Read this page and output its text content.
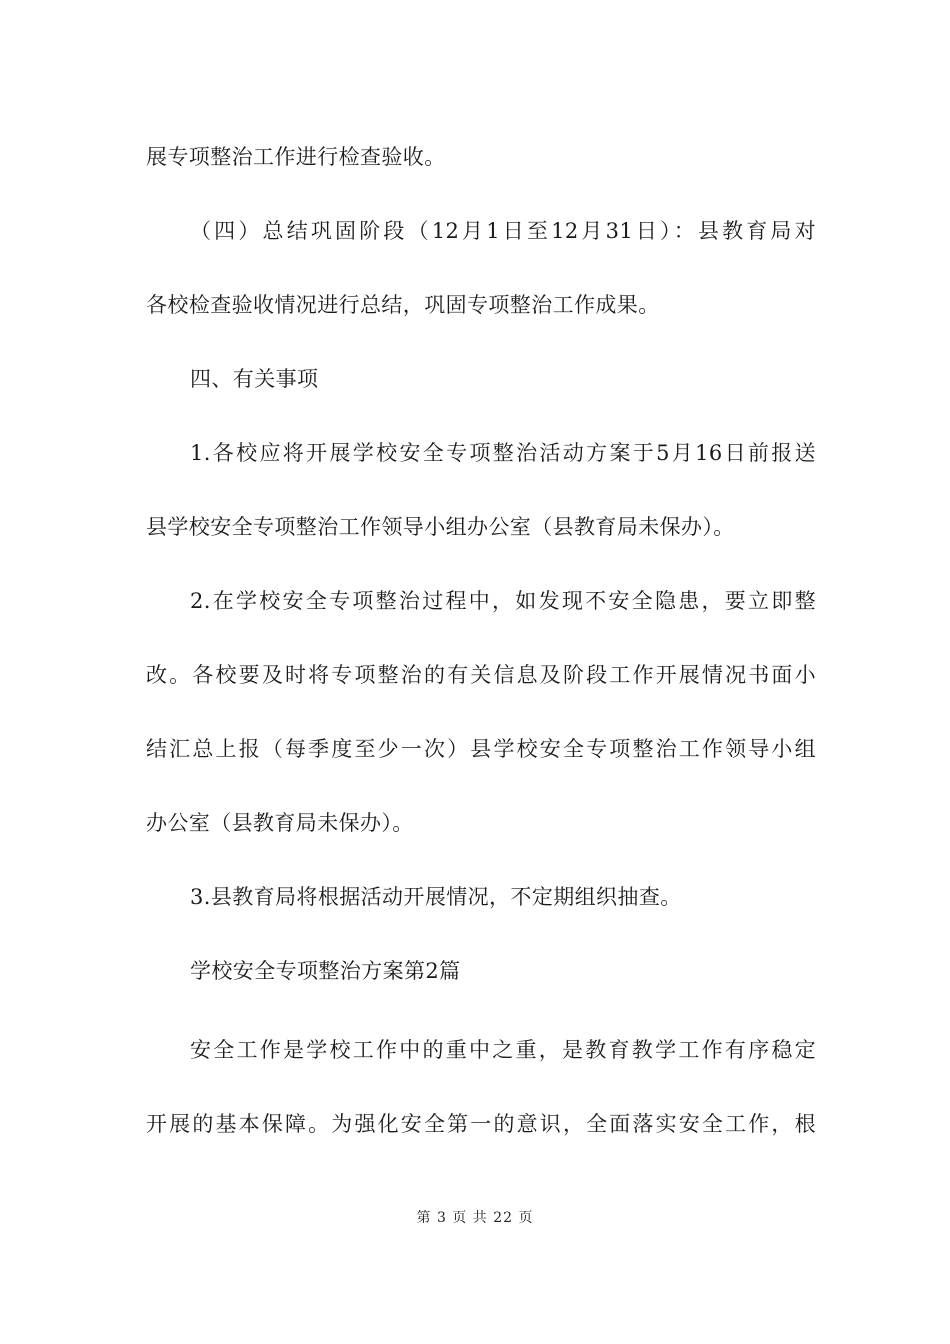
展专项整治工作进行检查验收。
（四）总结巩固阶段（12月1日至12月31日）：县教育局对
各校检查验收情况进行总结，巩固专项整治工作成果。
四、有关事项
1.各校应将开展学校安全专项整治活动方案于5月16日前报送
县学校安全专项整治工作领导小组办公室（县教育局未保办）。
2.在学校安全专项整治过程中，如发现不安全隐患，要立即整
改。各校要及时将专项整治的有关信息及阶段工作开展情况书面小
结汇总上报（每季度至少一次）县学校安全专项整治工作领导小组
办公室（县教育局未保办）。
3.县教育局将根据活动开展情况，不定期组织抽查。
学校安全专项整治方案第2篇
安全工作是学校工作中的重中之重，是教育教学工作有序稳定
开展的基本保障。为强化安全第一的意识，全面落实安全工作，根
第 3 页 共 22 页
